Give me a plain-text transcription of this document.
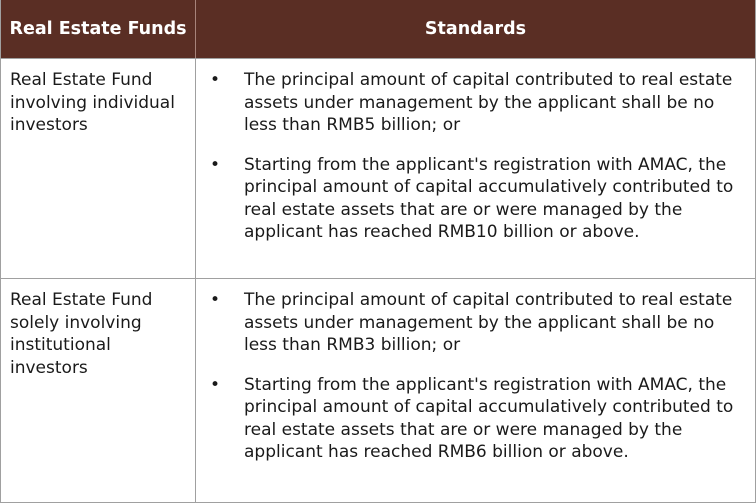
Real Estate Funds	Standards
Real Estate Fund involving individual investors
•	The principal amount of capital contributed to real estate assets under management by the applicant shall be no less than RMB5 billion; or
•	Starting from the applicant's registration with AMAC, the principal amount of capital accumulatively contributed to real estate assets that are or were managed by the applicant has reached RMB10 billion or above.
Real Estate Fund solely involving institutional investors
•	The principal amount of capital contributed to real estate assets under management by the applicant shall be no less than RMB3 billion; or
•	Starting from the applicant's registration with AMAC, the principal amount of capital accumulatively contributed to real estate assets that are or were managed by the applicant has reached RMB6 billion or above.
